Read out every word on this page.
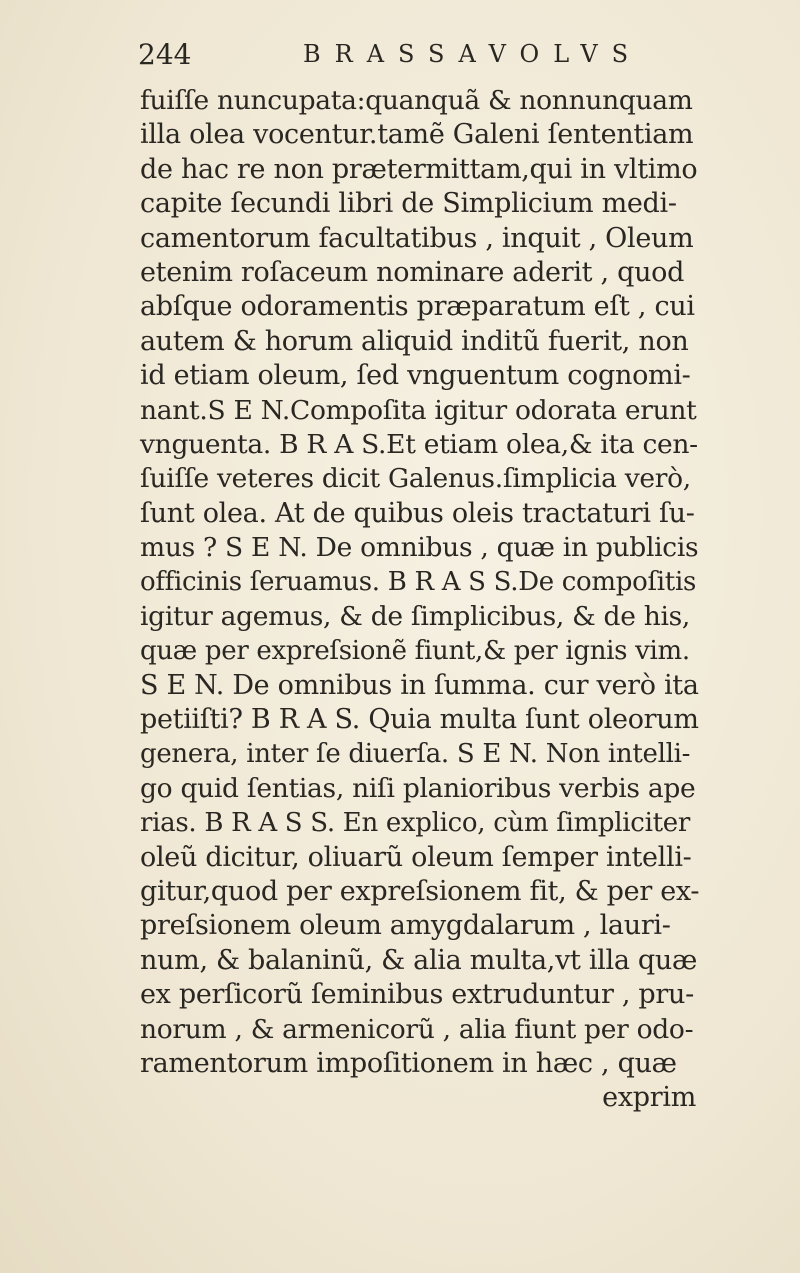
244	BRASSAVOLVS
fuiſſe nuncupata:quanquã & nonnunquam
illa olea vocentur.tamẽ Galeni ſententiam
de hac re non prætermittam,qui in vltimo
capite ſecundi libri de Simplicium medi-
camentorum facultatibus , inquit , Oleum
etenim roſaceum nominare aderit , quod
abſque odoramentis præparatum eſt , cui
autem & horum aliquid inditũ fuerit, non
id etiam oleum, ſed vnguentum cognomi-
nant.S E N.Compoſita igitur odorata erunt
vnguenta. B R A S.Et etiam olea,& ita cen-
ſuiſſe veteres dicit Galenus.ſimplicia verò,
ſunt olea. At de quibus oleis tractaturi ſu-
mus ? S E N. De omnibus , quæ in publicis
officinis ſeruamus. B R A S S.De compoſitis
igitur agemus, & de ſimplicibus, & de his,
quæ per expreſsionẽ fiunt,& per ignis vim.
S E N. De omnibus in ſumma. cur verò ita
petiiſti? B R A S. Quia multa ſunt oleorum
genera, inter ſe diuerſa. S E N. Non intelli-
go quid ſentias, niſi planioribus verbis ape
rias. B R A S S. En explico, cùm ſimpliciter
oleũ dicitur, oliuarũ oleum ſemper intelli-
gitur,quod per expreſsionem fit, & per ex-
preſsionem oleum amygdalarum , lauri-
num, & balaninũ, & alia multa,vt illa quæ
ex perſicorũ ſeminibus extruduntur , pru-
norum , & armenicorũ , alia fiunt per odo-
ramentorum impoſitionem in hæc , quæ
exprim
